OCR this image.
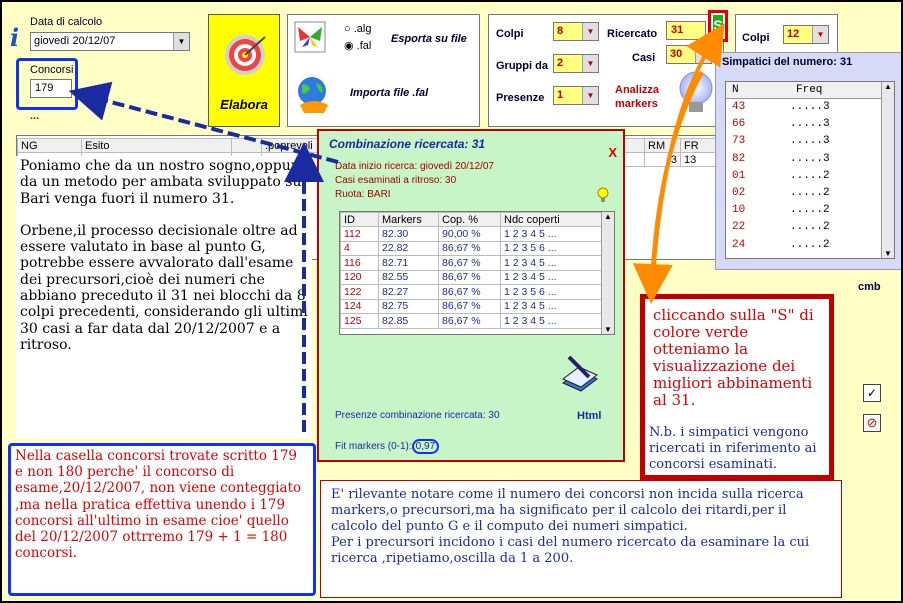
i
Data di calcolo
giovedì 20/12/07	▼
Concorsi
179
...
Elabora
○ .alg
◉ .fal
Esporta su file
Importa file .fal
Colpi	8	▼
Gruppi da 2	▼
Presenze	1	▼
Ricercato	31
Casi	30	▼
S
Analizza markers
Colpi	12	▼
NG	Esito		.poprevoli			RM	FR
						3	13
Simpatici del numero: 31
N	Freq
43	.....3
66	.....3
73	.....3
82	.....3
01	.....2
02	.....2
10	.....2
22	.....2
24	.....2
▲
▼
cmb
✓
⊘
Combinazione ricercata: 31
X
Data inizio ricerca: giovedì 20/12/07
Casi esaminati a ritroso: 30
Ruota: BARI
ID	Markers	Cop. %	Ndc coperti
112	82.30	90,00 %	1 2 3 4 5 ...
4	22.82	86,67 %	1 2 3 5 6 ...
116	82.71	86,67 %	1 2 3 4 5 ...
120	82.55	86,67 %	1 2 3 4 5 ...
122	82.27	86,67 %	1 2 3 5 6 ...
124	82.75	86,67 %	1 2 3 4 5 ...
125	82.85	86,67 %	1 2 3 4 5 ...
▲
▼
Html
Presenze combinazione ricercata: 30
Fit markers (0-1): 0,97
Poniamo che da un nostro sogno,oppure da un metodo per ambata sviluppato su Bari venga fuori il numero 31.
Orbene,il processo decisionale oltre ad essere valutato in base al punto G, potrebbe essere avvalorato dall'esame dei precursori,cioè dei numeri che abbiano preceduto il 31 nei blocchi da 8 colpi precedenti, considerando gli ultimi 30 casi a far data dal 20/12/2007 e a ritroso.
Nella casella concorsi trovate scritto 179 e non 180 perche' il concorso di esame,20/12/2007, non viene conteggiato ,ma nella pratica effettiva unendo i 179 concorsi all'ultimo in esame cioe' quello del 20/12/2007 ottrremo 179 + 1 = 180 concorsi.
cliccando sulla "S" di colore verde otteniamo la visualizzazione dei migliori abbinamenti al 31.
N.b. i simpatici vengono ricercati in riferimento ai concorsi esaminati.
E' rilevante notare come il numero dei concorsi non incida sulla ricerca markers,o precursori,ma ha significato per il calcolo dei ritardi,per il calcolo del punto G e il computo dei numeri simpatici.
Per i precursori incidono i casi del numero ricercato da esaminare la cui ricerca ,ripetiamo,oscilla da 1 a 200.
